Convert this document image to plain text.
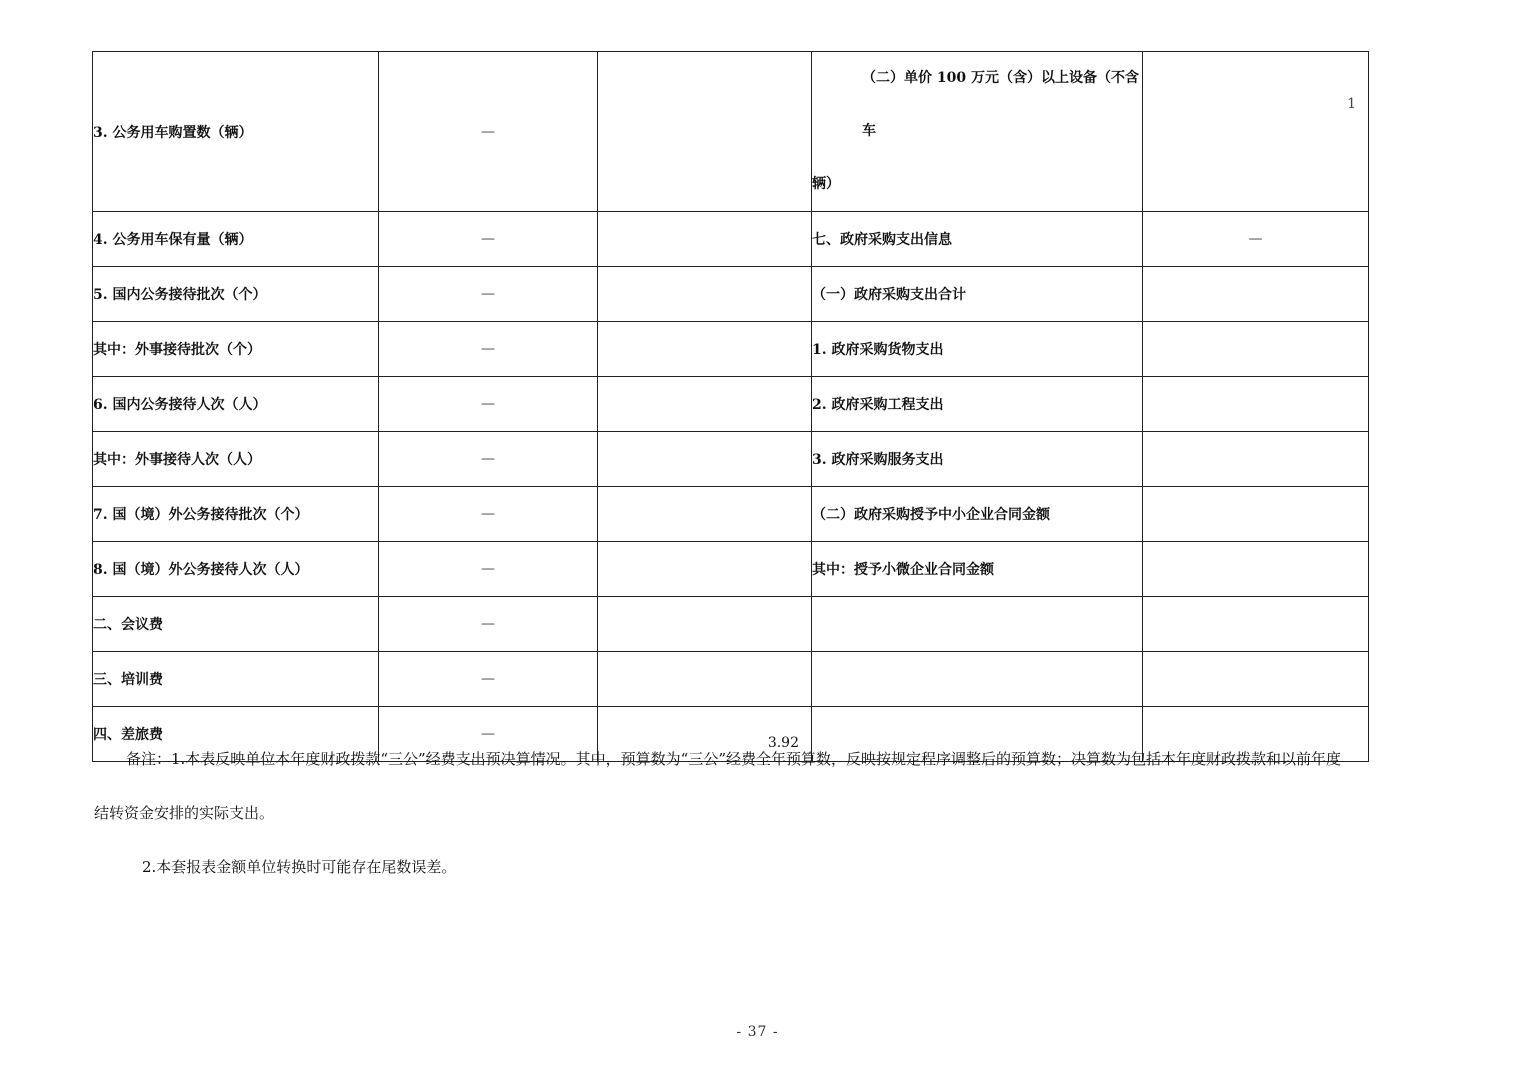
3. 公务用车购置数（辆）	—		（二）单价 100 万元（含）以上设备（不含车
辆）	1

4. 公务用车保有量（辆）	—		七、政府采购支出信息	—
5. 国内公务接待批次（个）	—		（一）政府采购支出合计	
其中：外事接待批次（个）	—		1. 政府采购货物支出	
6. 国内公务接待人次（人）	—		2. 政府采购工程支出	
其中：外事接待人次（人）	—		3. 政府采购服务支出	
7. 国（境）外公务接待批次（个）	—		（二）政府采购授予中小企业合同金额	
8. 国（境）外公务接待人次（人）	—		其中：授予小微企业合同金额	
二、会议费	—			
三、培训费	—			
四、差旅费	—	3.92		

备注：1.本表反映单位本年度财政拨款“三公”经费支出预决算情况。其中，预算数为“三公”经费全年预算数，反映按规定程序调整后的预算数；决算数为包括本年度财政拨款和以前年度
结转资金安排的实际支出。
2.本套报表金额单位转换时可能存在尾数误差。
- 37 -
